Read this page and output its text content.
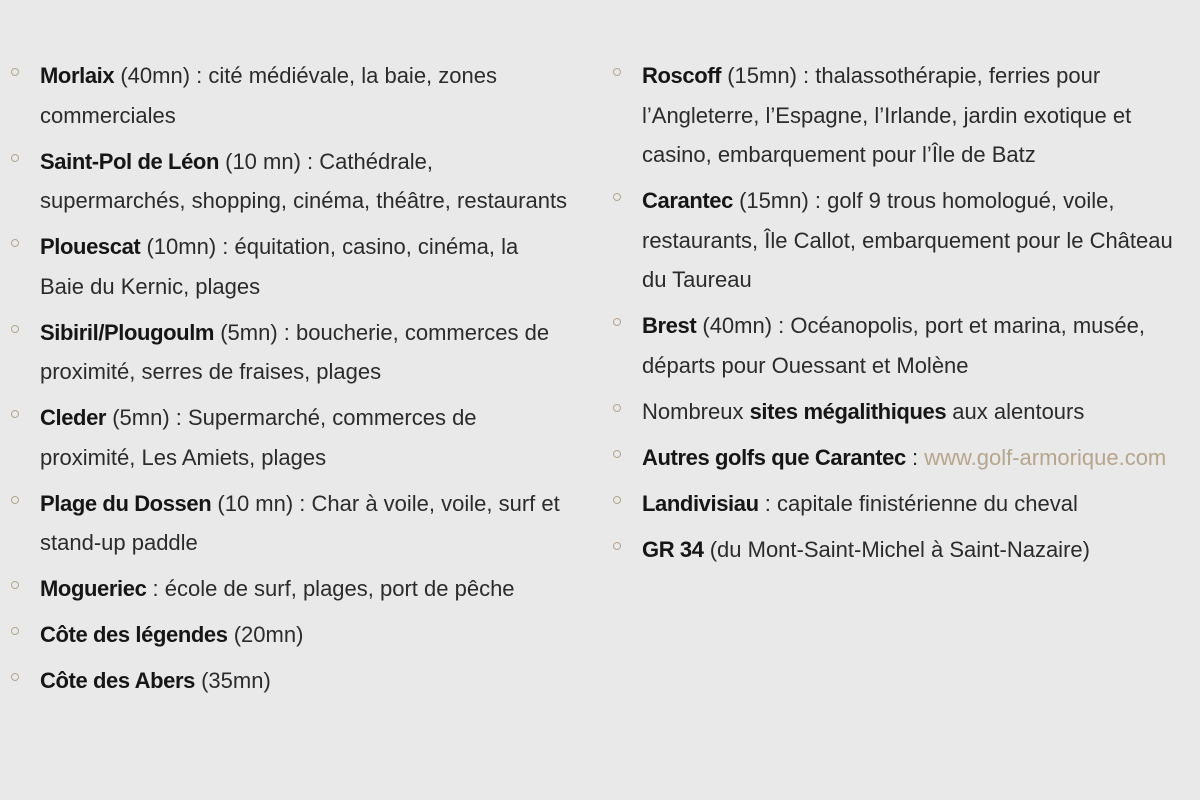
Morlaix (40mn) : cité médiévale, la baie, zones commerciales
Saint-Pol de Léon (10 mn) : Cathédrale, supermarchés, shopping, cinéma, théâtre, restaurants
Plouescat (10mn) : équitation, casino, cinéma, la Baie du Kernic, plages
Sibiril/Plougoulm (5mn) : boucherie, commerces de proximité, serres de fraises, plages
Cleder (5mn) : Supermarché, commerces de proximité, Les Amiets, plages
Plage du Dossen (10 mn) : Char à voile, voile, surf et stand-up paddle
Mogueriec : école de surf, plages, port de pêche
Côte des légendes (20mn)
Côte des Abers (35mn)
Roscoff (15mn) : thalassothérapie, ferries pour l’Angleterre, l’Espagne, l’Irlande, jardin exotique et casino, embarquement pour l’Île de Batz
Carantec (15mn) : golf 9 trous homologué, voile, restaurants, Île Callot, embarquement pour le Château du Taureau
Brest (40mn) : Océanopolis, port et marina, musée, départs pour Ouessant et Molène
Nombreux sites mégalithiques aux alentours
Autres golfs que Carantec : www.golf-armorique.com
Landivisiau : capitale finistérienne du cheval
GR 34 (du Mont-Saint-Michel à Saint-Nazaire)
